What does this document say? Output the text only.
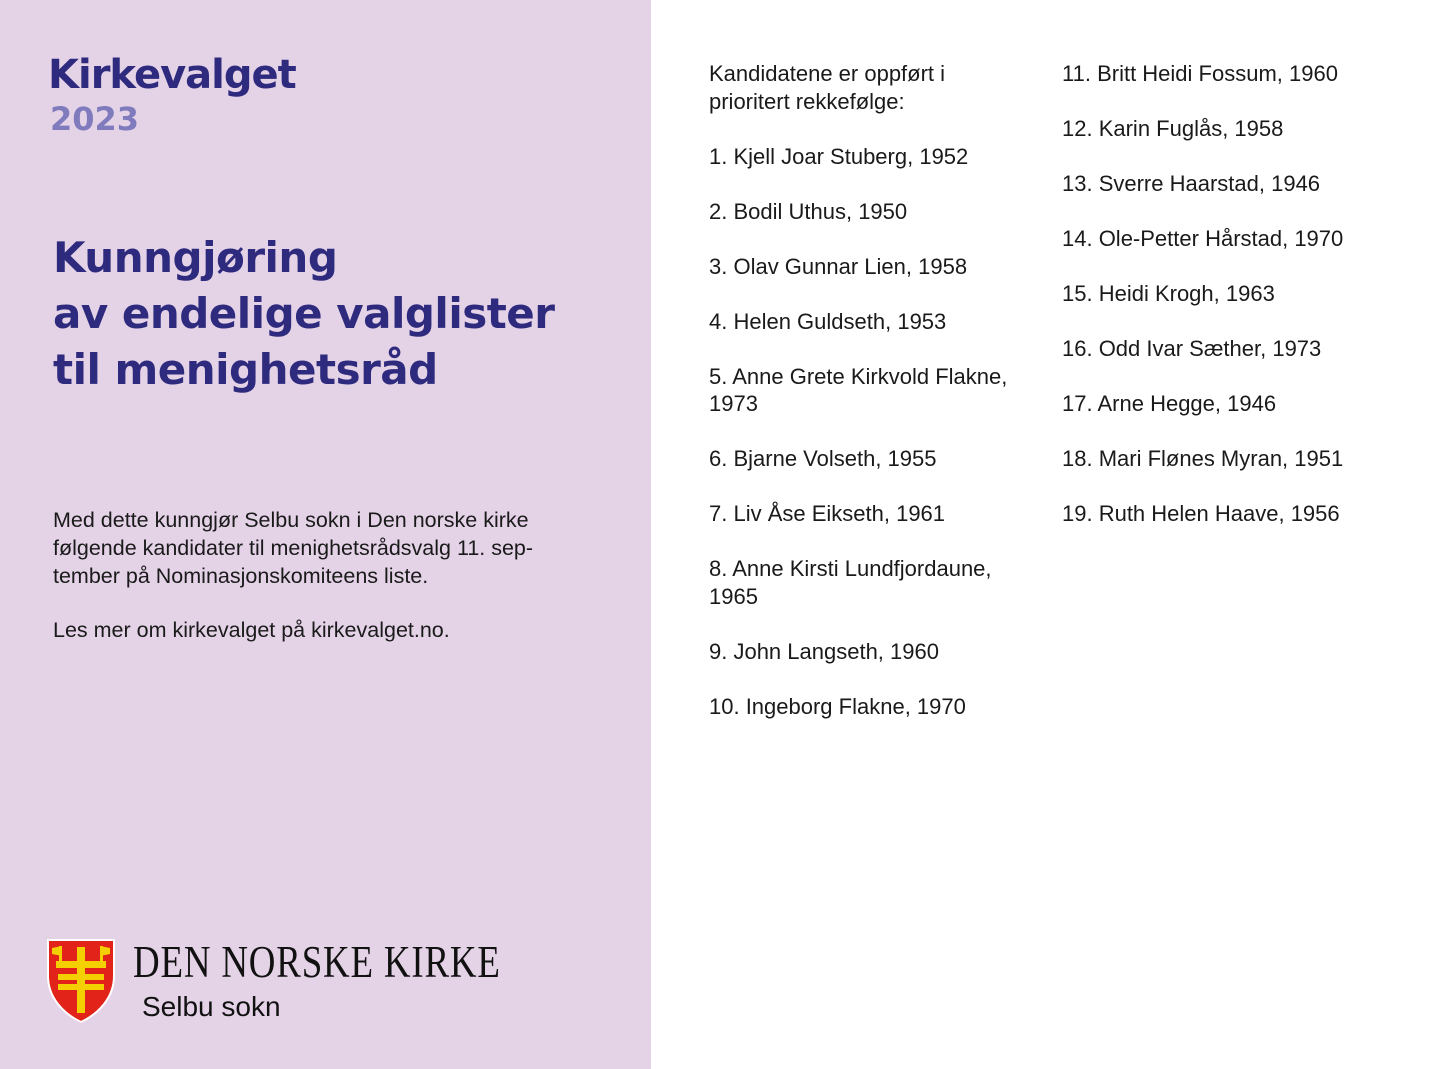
Kirkevalget
2023
Kunngjøring
av endelige valglister
til menighetsråd

Med dette kunngjør Selbu sokn i Den norske kirke
følgende kandidater til menighetsrådsvalg 11. sep-
tember på Nominasjonskomiteens liste.

Les mer om kirkevalget på kirkevalget.no.

DEN NORSKE KIRKE
Selbu sokn
Kandidatene er oppført i
prioritert rekkefølge:
1. Kjell Joar Stuberg, 1952
2. Bodil Uthus, 1950
3. Olav Gunnar Lien, 1958
4. Helen Guldseth, 1953
5. Anne Grete Kirkvold Flakne,
1973
6. Bjarne Volseth, 1955
7. Liv Åse Eikseth, 1961
8. Anne Kirsti Lundfjordaune,
1965
9. John Langseth, 1960
10. Ingeborg Flakne, 1970
11. Britt Heidi Fossum, 1960
12. Karin Fuglås, 1958
13. Sverre Haarstad, 1946
14. Ole-Petter Hårstad, 1970
15. Heidi Krogh, 1963
16. Odd Ivar Sæther, 1973
17. Arne Hegge, 1946
18. Mari Flønes Myran, 1951
19. Ruth Helen Haave, 1956
